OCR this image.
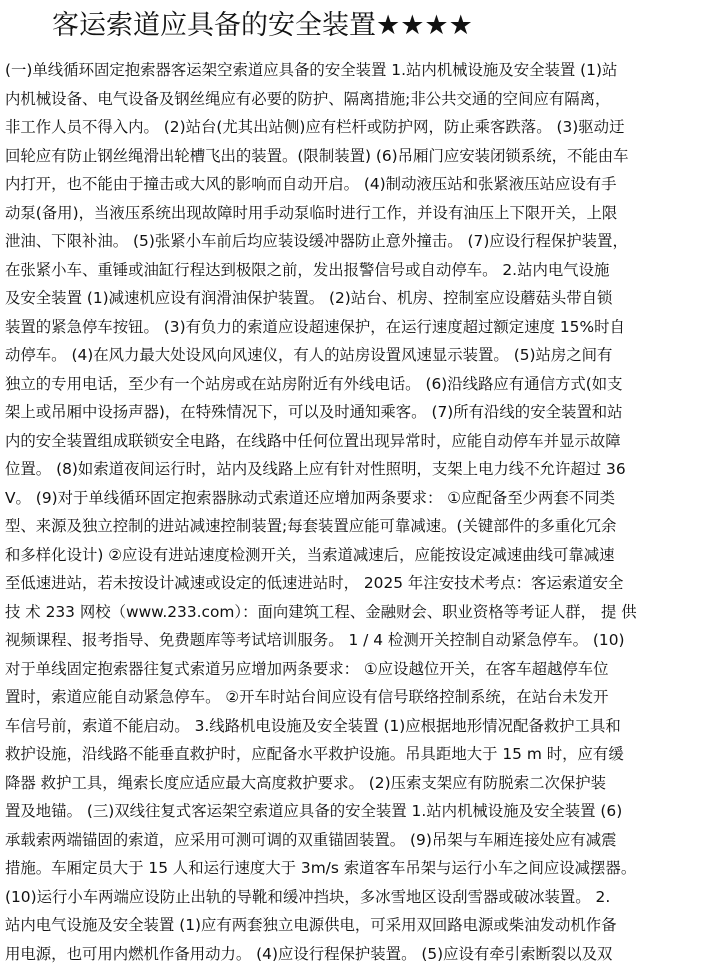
客运索道应具备的安全装置★★★★
(一)单线循环固定抱索器客运架空索道应具备的安全装置 1.站内机械设施及安全装置 (1)站
内机械设备、电气设备及钢丝绳应有必要的防护、隔离措施;非公共交通的空间应有隔离，
非工作人员不得入内。 (2)站台(尤其出站侧)应有栏杆或防护网，防止乘客跌落。 (3)驱动迂
回轮应有防止钢丝绳滑出轮槽飞出的装置。(限制装置) (6)吊厢门应安装闭锁系统，不能由车
内打开，也不能由于撞击或大风的影响而自动开启。 (4)制动液压站和张紧液压站应设有手
动泵(备用)，当液压系统出现故障时用手动泵临时进行工作，并设有油压上下限开关，上限
泄油、下限补油。 (5)张紧小车前后均应装设缓冲器防止意外撞击。 (7)应设行程保护装置，
在张紧小车、重锤或油缸行程达到极限之前，发出报警信号或自动停车。 2.站内电气设施
及安全装置 (1)减速机应设有润滑油保护装置。 (2)站台、机房、控制室应设蘑菇头带自锁
装置的紧急停车按钮。 (3)有负力的索道应设超速保护，在运行速度超过额定速度 15%时自
动停车。 (4)在风力最大处设风向风速仪，有人的站房设置风速显示装置。 (5)站房之间有
独立的专用电话，至少有一个站房或在站房附近有外线电话。 (6)沿线路应有通信方式(如支
架上或吊厢中设扬声器)，在特殊情况下，可以及时通知乘客。 (7)所有沿线的安全装置和站
内的安全装置组成联锁安全电路，在线路中任何位置出现异常时，应能自动停车并显示故障
位置。 (8)如索道夜间运行时，站内及线路上应有针对性照明，支架上电力线不允许超过 36
V。 (9)对于单线循环固定抱索器脉动式索道还应增加两条要求： ①应配备至少两套不同类
型、来源及独立控制的进站减速控制装置;每套装置应能可靠减速。(关键部件的多重化冗余
和多样化设计) ②应设有进站速度检测开关，当索道减速后，应能按设定减速曲线可靠减速
至低速进站，若未按设计减速或设定的低速进站时， 2025 年注安技术考点：客运索道安全
技 术 233 网校（www.233.com）：面向建筑工程、金融财会、职业资格等考证人群， 提 供
视频课程、报考指导、免费题库等考试培训服务。 1 / 4 检测开关控制自动紧急停车。 (10)
对于单线固定抱索器往复式索道另应增加两条要求： ①应设越位开关，在客车超越停车位
置时，索道应能自动紧急停车。 ②开车时站台间应设有信号联络控制系统，在站台未发开
车信号前，索道不能启动。 3.线路机电设施及安全装置 (1)应根据地形情况配备救护工具和
救护设施，沿线路不能垂直救护时，应配备水平救护设施。吊具距地大于 15 m 时，应有缓
降器 救护工具，绳索长度应适应最大高度救护要求。 (2)压索支架应有防脱索二次保护装
置及地锚。 (三)双线往复式客运架空索道应具备的安全装置 1.站内机械设施及安全装置 (6)
承载索两端锚固的索道，应采用可测可调的双重锚固装置。 (9)吊架与车厢连接处应有减震
措施。车厢定员大于 15 人和运行速度大于 3m/s 索道客车吊架与运行小车之间应设减摆器。
(10)运行小车两端应设防止出轨的导靴和缓冲挡块，多冰雪地区设刮雪器或破冰装置。 2.
站内电气设施及安全装置 (1)应有两套独立电源供电，可采用双回路电源或柴油发动机作备
用电源，也可用内燃机作备用动力。 (4)应设行程保护装置。 (5)应设有牵引索断裂以及双
